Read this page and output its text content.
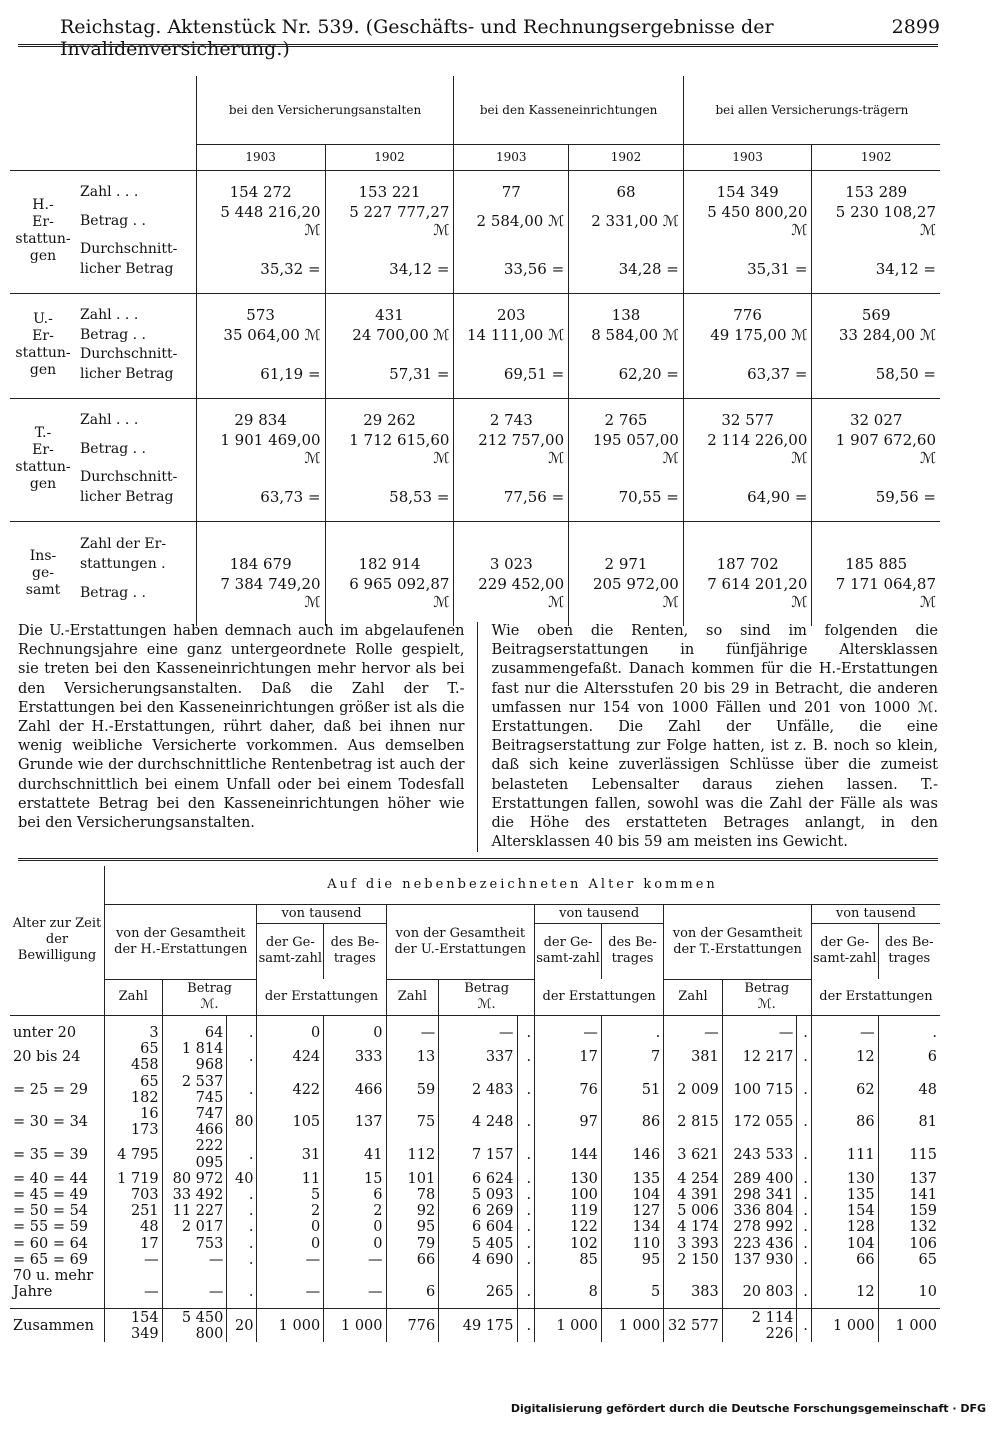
Reichstag. Aktenstück Nr. 539. (Geschäfts- und Rechnungsergebnisse der Invalidenversicherung.)
2899
		bei den Versicherungsanstalten		bei den Kasseneinrichtungen		bei allen Versicherungs-trägern	
		1903	1902	1903	1902	1903	1902

H.-
Er-
stattun-
gen	Zahl . . .	154 272	153 221	77	68	154 349	153 289
	Betrag . .	5 448 216,20 ℳ	5 227 777,27 ℳ	2 584,00 ℳ	2 331,00 ℳ	5 450 800,20 ℳ	5 230 108,27 ℳ
	Durchschnitt-						
	licher Betrag	35,32 =	34,12 =	33,56 =	34,28 =	35,31 =	34,12 =

U.-
Er-
stattun-
gen	Zahl . . .	573	431	203	138	776	569
	Betrag . .	35 064,00 ℳ	24 700,00 ℳ	14 111,00 ℳ	8 584,00 ℳ	49 175,00 ℳ	33 284,00 ℳ
	Durchschnitt-						
	licher Betrag	61,19 =	57,31 =	69,51 =	62,20 =	63,37 =	58,50 =

T.-
Er-
stattun-
gen	Zahl . . .	29 834	29 262	2 743	2 765	32 577	32 027
	Betrag . .	1 901 469,00 ℳ	1 712 615,60 ℳ	212 757,00 ℳ	195 057,00 ℳ	2 114 226,00 ℳ	1 907 672,60 ℳ
	Durchschnitt-						
	licher Betrag	63,73 =	58,53 =	77,56 =	70,55 =	64,90 =	59,56 =

Ins-
ge-
samt	Zahl der Er-						
	stattungen .	184 679	182 914	3 023	2 971	187 702	185 885
	Betrag . .	7 384 749,20 ℳ	6 965 092,87 ℳ	229 452,00 ℳ	205 972,00 ℳ	7 614 201,20 ℳ	7 171 064,87 ℳ

Die U.-Erstattungen haben demnach auch im abgelaufenen Rechnungsjahre eine ganz untergeordnete Rolle gespielt, sie treten bei den Kasseneinrichtungen mehr hervor als bei den Versicherungsanstalten. Daß die Zahl der T.-Erstattungen bei den Kasseneinrichtungen größer ist als die Zahl der H.-Erstattungen, rührt daher, daß bei ihnen nur wenig weibliche Versicherte vorkommen. Aus demselben Grunde wie der durchschnittliche Rentenbetrag ist auch der durchschnittlich bei einem Unfall oder bei einem Todesfall erstattete Betrag bei den Kasseneinrichtungen höher wie bei den Versicherungsanstalten.
Wie oben die Renten, so sind im folgenden die Beitragserstattungen in fünfjährige Altersklassen zusammengefaßt. Danach kommen für die H.-Erstattungen fast nur die Altersstufen 20 bis 29 in Betracht, die anderen umfassen nur 154 von 1000 Fällen und 201 von 1000 ℳ. Erstattungen. Die Zahl der Unfälle, die eine Beitragserstattung zur Folge hatten, ist z. B. noch so klein, daß sich keine zuverlässigen Schlüsse über die zumeist belasteten Lebensalter daraus ziehen lassen. T.-Erstattungen fallen, sowohl was die Zahl der Fälle als was die Höhe des erstatteten Betrages anlangt, in den Altersklassen 40 bis 59 am meisten ins Gewicht.
Alter zur Zeit der Bewilligung	Auf die nebenbezeichneten Alter kommen														
	von der Gesamtheit der H.-Erstattungen			von tausend		von der Gesamtheit der U.-Erstattungen			von tausend		von der Gesamtheit der T.-Erstattungen			von tausend	
				der Ge-samt-zahl	des Be-trages				der Ge-samt-zahl	des Be-trages				der Ge-samt-zahl	des Be-trages
	Zahl	Betrag
ℳ.		der Erstattungen		Zahl	Betrag
ℳ.		der Erstattungen		Zahl	Betrag
ℳ.		der Erstattungen	

unter 20	3	64	.	0	0	—	—	.	—	.	—	—	.	—	.
20 bis 24	65 458	1 814 968	.	424	333	13	337	.	17	7	381	12 217	.	12	6
= 25 = 29	65 182	2 537 745	.	422	466	59	2 483	.	76	51	2 009	100 715	.	62	48
= 30 = 34	16 173	747 466	80	105	137	75	4 248	.	97	86	2 815	172 055	.	86	81
= 35 = 39	4 795	222 095	.	31	41	112	7 157	.	144	146	3 621	243 533	.	111	115
= 40 = 44	1 719	80 972	40	11	15	101	6 624	.	130	135	4 254	289 400	.	130	137
= 45 = 49	703	33 492	.	5	6	78	5 093	.	100	104	4 391	298 341	.	135	141
= 50 = 54	251	11 227	.	2	2	92	6 269	.	119	127	5 006	336 804	.	154	159
= 55 = 59	48	2 017	.	0	0	95	6 604	.	122	134	4 174	278 992	.	128	132
= 60 = 64	17	753	.	0	0	79	5 405	.	102	110	3 393	223 436	.	104	106
= 65 = 69	—	—	.	—	—	66	4 690	.	85	95	2 150	137 930	.	66	65
70 u. mehr															
Jahre	—	—	.	—	—	6	265	.	8	5	383	20 803	.	12	10

Zusammen	154 349	5 450 800	20	1 000	1 000	776	49 175	.	1 000	1 000	32 577	2 114 226	.	1 000	1 000
Digitalisierung gefördert durch die Deutsche Forschungsgemeinschaft · DFG
